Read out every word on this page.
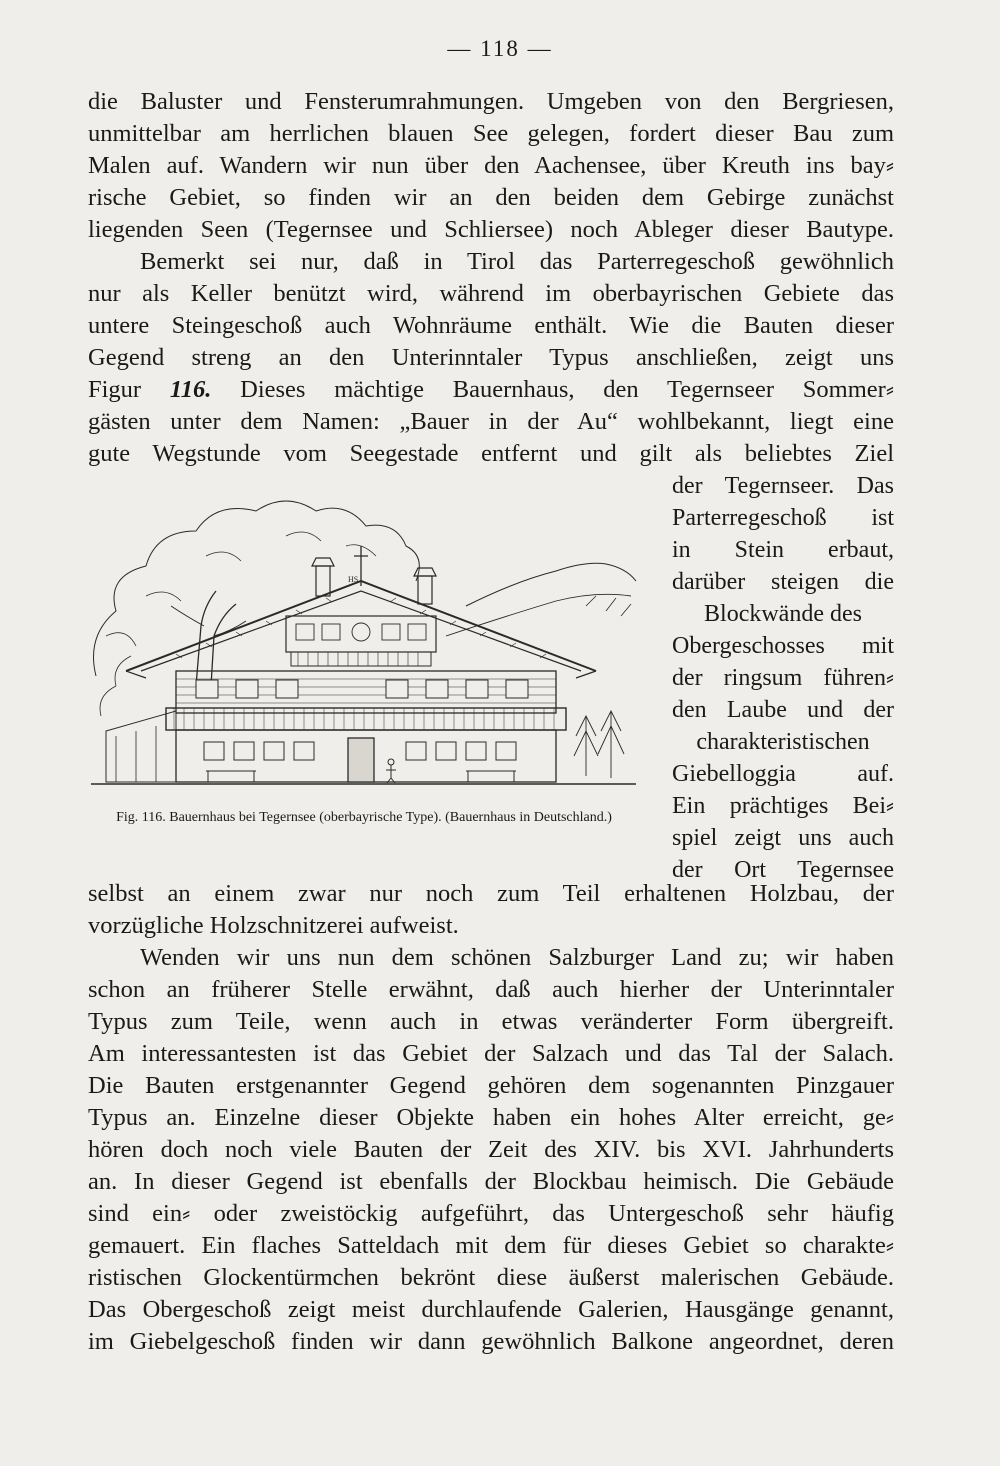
— 118 —
die Baluster und Fensterumrahmungen. Umgeben von den Bergriesen,
unmittelbar am herrlichen blauen See gelegen, fordert dieser Bau zum
Malen auf. Wandern wir nun über den Aachensee, über Kreuth ins bay⸗
rische Gebiet, so finden wir an den beiden dem Gebirge zunächst
liegenden Seen (Tegernsee und Schliersee) noch Ableger dieser Bautype.
Bemerkt sei nur, daß in Tirol das Parterregeschoß gewöhnlich
nur als Keller benützt wird, während im oberbayrischen Gebiete das
untere Steingeschoß auch Wohnräume enthält. Wie die Bauten dieser
Gegend streng an den Unterinntaler Typus anschließen, zeigt uns
Figur 116. Dieses mächtige Bauernhaus, den Tegernseer Sommer⸗
gästen unter dem Namen: „Bauer in der Au“ wohlbekannt, liegt eine
gute Wegstunde vom Seegestade entfernt und gilt als beliebtes Ziel
der Tegernseer. Das
Parterregeschoß ist
in Stein erbaut,
darüber steigen die
Blockwände des
Obergeschosses mit
der ringsum führen⸗
den Laube und der
charakteristischen
Giebelloggia auf.
Ein prächtiges Bei⸗
spiel zeigt uns auch
der Ort Tegernsee
HS
Fig. 116. Bauernhaus bei Tegernsee (oberbayrische Type). (Bauernhaus in Deutschland.)
selbst an einem zwar nur noch zum Teil erhaltenen Holzbau, der
vorzügliche Holzschnitzerei aufweist.
Wenden wir uns nun dem schönen Salzburger Land zu; wir haben
schon an früherer Stelle erwähnt, daß auch hierher der Unterinntaler
Typus zum Teile, wenn auch in etwas veränderter Form übergreift.
Am interessantesten ist das Gebiet der Salzach und das Tal der Salach.
Die Bauten erstgenannter Gegend gehören dem sogenannten Pinzgauer
Typus an. Einzelne dieser Objekte haben ein hohes Alter erreicht, ge⸗
hören doch noch viele Bauten der Zeit des XIV. bis XVI. Jahrhunderts
an. In dieser Gegend ist ebenfalls der Blockbau heimisch. Die Gebäude
sind ein⸗ oder zweistöckig aufgeführt, das Untergeschoß sehr häufig
gemauert. Ein flaches Satteldach mit dem für dieses Gebiet so charakte⸗
ristischen Glockentürmchen bekrönt diese äußerst malerischen Gebäude.
Das Obergeschoß zeigt meist durchlaufende Galerien, Hausgänge genannt,
im Giebelgeschoß finden wir dann gewöhnlich Balkone angeordnet, deren
